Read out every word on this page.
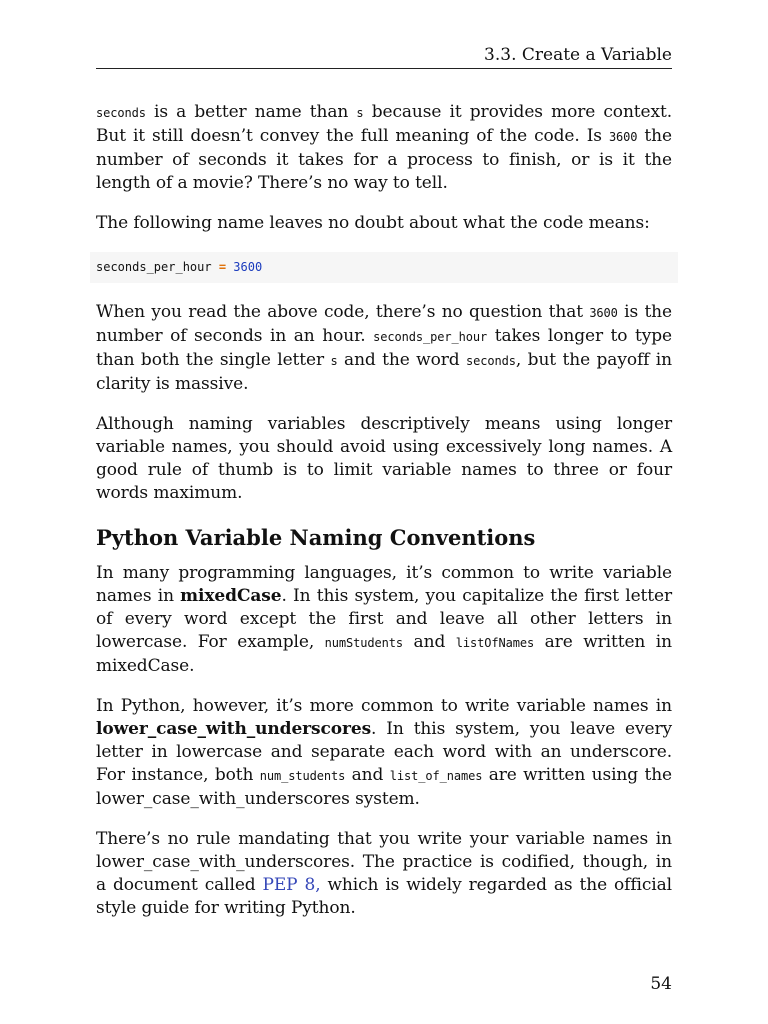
3.3. Create a Variable

seconds is a better name than s because it provides more context. But it still doesn’t convey the full meaning of the code. Is 3600 the number of seconds it takes for a process to finish, or is it the length of a movie? There’s no way to tell.

The following name leaves no doubt about what the code means:

seconds_per_hour = 3600

When you read the above code, there’s no question that 3600 is the number of seconds in an hour. seconds_per_hour takes longer to type than both the single letter s and the word seconds, but the payoff in clarity is massive.

Although naming variables descriptively means using longer variable names, you should avoid using excessively long names. A good rule of thumb is to limit variable names to three or four words maximum.

Python Variable Naming Conventions

In many programming languages, it’s common to write variable names in mixedCase. In this system, you capitalize the first letter of every word except the first and leave all other letters in lowercase. For example, numStudents and listOfNames are written in mixedCase.

In Python, however, it’s more common to write variable names in lower_case_with_underscores. In this system, you leave every letter in lowercase and separate each word with an underscore. For instance, both num_students and list_of_names are written using the lower_case_with_underscores system.

There’s no rule mandating that you write your variable names in lower_case_with_underscores. The practice is codified, though, in a document called PEP 8, which is widely regarded as the official style guide for writing Python.

54
